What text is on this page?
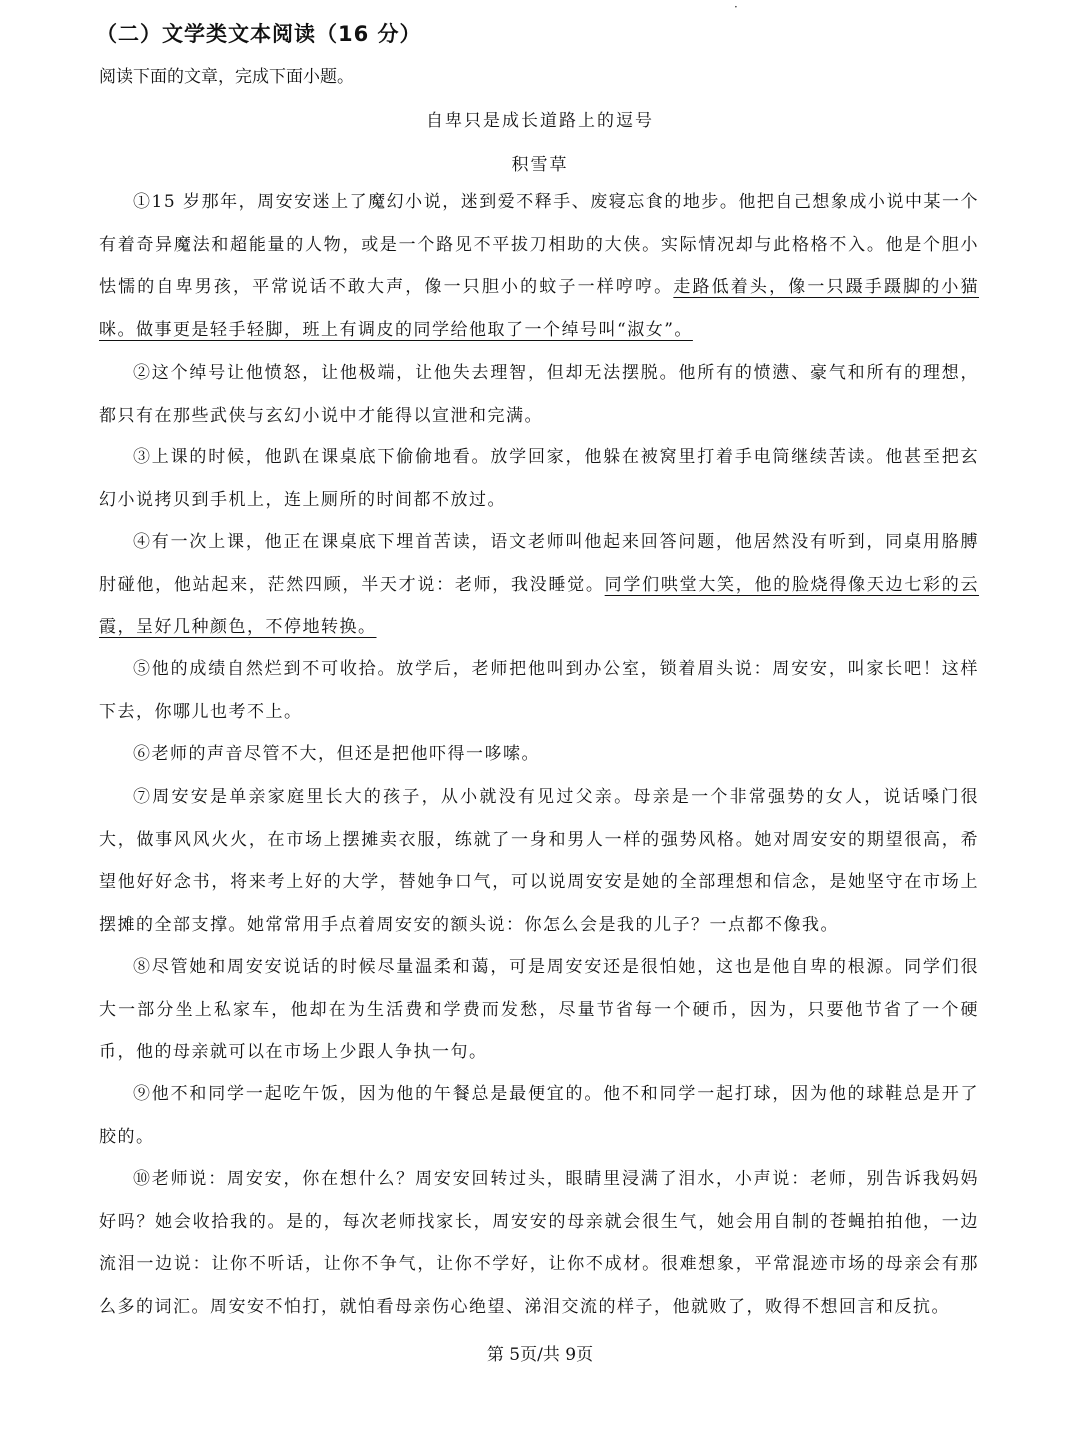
·
（二）文学类文本阅读（16 分）
阅读下面的文章，完成下面小题。
自卑只是成长道路上的逗号
积雪草
①15 岁那年，周安安迷上了魔幻小说，迷到爱不释手、废寝忘食的地步。他把自己想象成小说中某一个有着奇异魔法和超能量的人物，或是一个路见不平拔刀相助的大侠。实际情况却与此格格不入。他是个胆小怯懦的自卑男孩，平常说话不敢大声，像一只胆小的蚊子一样哼哼。走路低着头，像一只蹑手蹑脚的小猫咪。做事更是轻手轻脚，班上有调皮的同学给他取了一个绰号叫“淑女”。
②这个绰号让他愤怒，让他极端，让他失去理智，但却无法摆脱。他所有的愤懑、豪气和所有的理想，都只有在那些武侠与玄幻小说中才能得以宣泄和完满。
③上课的时候，他趴在课桌底下偷偷地看。放学回家，他躲在被窝里打着手电筒继续苦读。他甚至把玄幻小说拷贝到手机上，连上厕所的时间都不放过。
④有一次上课，他正在课桌底下埋首苦读，语文老师叫他起来回答问题，他居然没有听到，同桌用胳膊肘碰他，他站起来，茫然四顾，半天才说：老师，我没睡觉。同学们哄堂大笑，他的脸烧得像天边七彩的云霞，呈好几种颜色，不停地转换。
⑤他的成绩自然烂到不可收拾。放学后，老师把他叫到办公室，锁着眉头说：周安安，叫家长吧！这样下去，你哪儿也考不上。
⑥老师的声音尽管不大，但还是把他吓得一哆嗦。
⑦周安安是单亲家庭里长大的孩子，从小就没有见过父亲。母亲是一个非常强势的女人，说话嗓门很大，做事风风火火，在市场上摆摊卖衣服，练就了一身和男人一样的强势风格。她对周安安的期望很高，希望他好好念书，将来考上好的大学，替她争口气，可以说周安安是她的全部理想和信念，是她坚守在市场上摆摊的全部支撑。她常常用手点着周安安的额头说：你怎么会是我的儿子？一点都不像我。
⑧尽管她和周安安说话的时候尽量温柔和蔼，可是周安安还是很怕她，这也是他自卑的根源。同学们很大一部分坐上私家车，他却在为生活费和学费而发愁，尽量节省每一个硬币，因为，只要他节省了一个硬币，他的母亲就可以在市场上少跟人争执一句。
⑨他不和同学一起吃午饭，因为他的午餐总是最便宜的。他不和同学一起打球，因为他的球鞋总是开了胶的。
⑩老师说：周安安，你在想什么？周安安回转过头，眼睛里浸满了泪水，小声说：老师，别告诉我妈妈好吗？她会收拾我的。是的，每次老师找家长，周安安的母亲就会很生气，她会用自制的苍蝇拍拍他，一边流泪一边说：让你不听话，让你不争气，让你不学好，让你不成材。很难想象，平常混迹市场的母亲会有那么多的词汇。周安安不怕打，就怕看母亲伤心绝望、涕泪交流的样子，他就败了，败得不想回言和反抗。
第 5页/共 9页
